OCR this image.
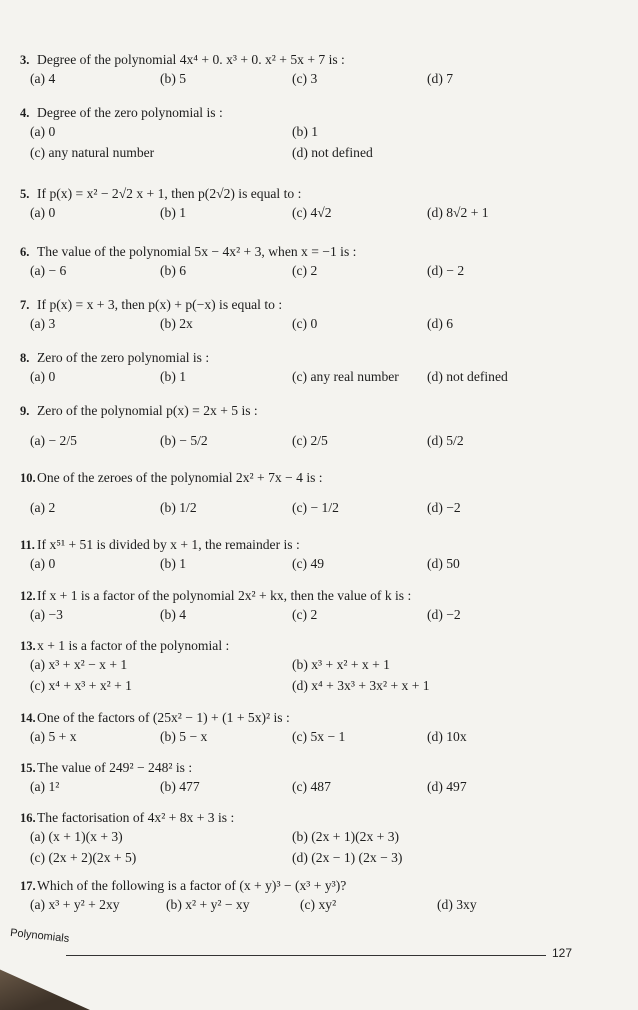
3. Degree of the polynomial 4x⁴ + 0. x³ + 0. x² + 5x + 7 is :
(a) 4	(b) 5	(c) 3	(d) 7
4. Degree of the zero polynomial is :
(a) 0	(b) 1
(c) any natural number	(d) not defined
5. If p(x) = x² − 2√2 x + 1, then p(2√2) is equal to :
(a) 0	(b) 1	(c) 4√2	(d) 8√2 + 1
6. The value of the polynomial 5x − 4x² + 3, when x = −1 is :
(a) − 6	(b) 6	(c) 2	(d) − 2
7. If p(x) = x + 3, then p(x) + p(−x) is equal to :
(a) 3	(b) 2x	(c) 0	(d) 6
8. Zero of the zero polynomial is :
(a) 0	(b) 1	(c) any real number (d) not defined
9. Zero of the polynomial p(x) = 2x + 5 is :
(a) − 2/5	(b) − 5/2	(c) 2/5	(d) 5/2
10. One of the zeroes of the polynomial 2x² + 7x − 4 is :
(a) 2	(b) 1/2	(c) − 1/2	(d) −2
11. If x⁵¹ + 51 is divided by x + 1, the remainder is :
(a) 0	(b) 1	(c) 49	(d) 50
12. If x + 1 is a factor of the polynomial 2x² + kx, then the value of k is :
(a) −3	(b) 4	(c) 2	(d) −2
13. x + 1 is a factor of the polynomial :
(a) x³ + x² − x + 1	(b) x³ + x² + x + 1
(c) x⁴ + x³ + x² + 1	(d) x⁴ + 3x³ + 3x² + x + 1
14. One of the factors of (25x² − 1) + (1 + 5x)² is :
(a) 5 + x	(b) 5 − x	(c) 5x − 1	(d) 10x
15. The value of 249² − 248² is :
(a) 1²	(b) 477	(c) 487	(d) 497
16. The factorisation of 4x² + 8x + 3 is :
(a) (x + 1)(x + 3)	(b) (2x + 1)(2x + 3)
(c) (2x + 2)(2x + 5)	(d) (2x − 1) (2x − 3)
17. Which of the following is a factor of (x + y)³ − (x³ + y³)?
(a) x³ + y² + 2xy	(b) x² + y² − xy	(c) xy²	(d) 3xy
Polynomials
127
